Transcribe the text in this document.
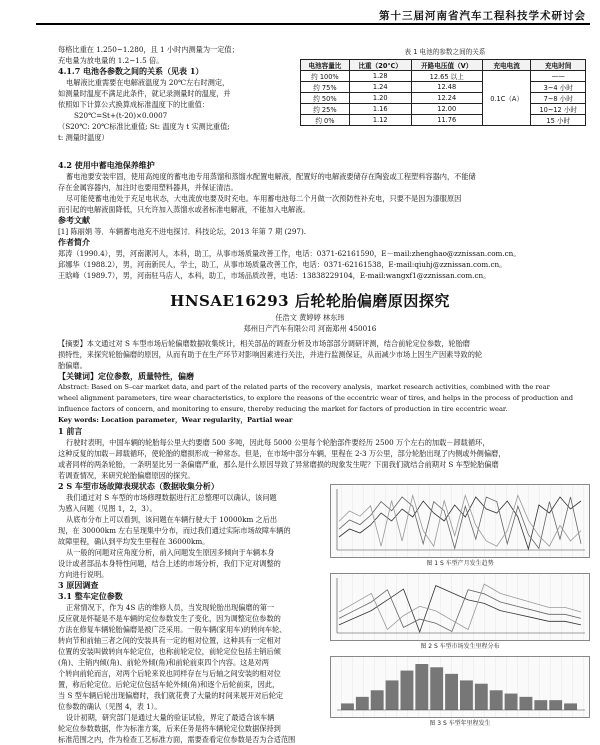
第十三届河南省汽车工程科技学术研讨会
每格比重在 1.250~1.280，且 1 小时内测量为一定值；
充电量为放电量的 1.2~1.5 倍。
4.1.7 电池各参数之间的关系（见表 1）
电解液比重需要在电解液温度为 20℃左右时测定，
如测量时温度不满足此条件，就记录测量时的温度，并
依照如下计算公式换算成标准温度下的比重值：
S20℃=St+(t-20)×0.0007
（S20℃: 20℃标准比重值; St: 温度为 t 实测比重值;
t: 测量时温度）
表 1 电池的参数之间的关系
电池容量比	比重（20℃）	开路电压值（V）	充电电流	充电时间
约 100%	1.28	12.65 以上	0.1C（A）	——
约 75%	1.24	12.48		3~4 小时
约 50%	1.20	12.24		7~8 小时
约 25%	1.16	12.00		10~12 小时
约 0%	1.12	11.76		15 小时
4.2 使用中蓄电池保养维护
蓄电池要安装牢固，使用高纯度的蓄电池专用蒸馏和蒸馏水配置电解液，配置好的电解液要储存在陶瓷或工程塑料容器内，不能储
存在金属容器内，加注时也要用塑料器具，并保证清洁。
尽可能使蓄电池处于充足电状态，大电流放电要及时充电。车用蓄电池每二个月做一次预防性补充电，只要不是因为漆服原因
而引起的电解液面降低，只允许加入蒸馏水或者标准电解液，不能加入电解液。
参考文献
[1] 陈丽娟 等．车辆蓄电池充不进电探讨．科技论坛，2013 年第 7 期 (297).
作者简介
郑涛（1990.4），男，河南漯河人，本科，助工，从事市场质量改善工作，电话：0371-62161590，E－mail:zhenghao@zznissan.com.cn。
邱娜华（1988.2），男，河南新民人，学士，助工，从事市场质量改善工作，电话：0371-62161538，E-mail:qiuhj@zznissan.com.cn。
王晗峰（1989.7），男，河南驻马店人，本科，助工，市场品质改善，电话：13838229104，E-mail:wangxf1@zznissan.com.cn。
HNSAE16293 后轮轮胎偏磨原因探究
任浩文 黄婷婷 林东玮
郑州日产汽车有限公司 河南郑州 450016
【摘要】本文通过对 S 车型市场后轮偏磨数据收集统计，相关部品的调查分析及市场部部分调研评测，结合前轮定位参数，轮胎磨
损特性，来探究轮胎偏磨的原因，从而有助于在生产环节对影响因素进行关注，并进行监测保证，从而减少市场上因生产因素导致的轮
胎偏磨。
【关键词】定位参数，质量特性，偏磨
Abstract: Based on S–car market data, and part of the related parts of the recovery analysis，market research activities, combined with the rear
wheel alignment parameters, tire wear characteristics, to explore the reasons of the eccentric wear of tires, and helps in the process of production and
influence factors of concern, and monitoring to ensure, thereby reducing the market for factors of production in tire eccentric wear.
Key words: Location parameter，Wear regularity，Partial wear
1 前言
行驶时表明，中国车辆的轮胎每公里大约要磨 500 多吨，因此每 5000 公里每个轮胎部件要经历 2500 万个左右的加载－卸载循环，
这种反复的加载－卸载循环，使轮胎的磨损形成一种常态。但是，在市场中部分车辆，里程在 2-3 万公里，部分轮胎出现了内侧或外侧偏磨，
或者同样的两条轮胎，一条明显比另一条偏磨严重，那么是什么原因导致了异常磨损的现象发生呢？下面我们就结合前期对 S 车型轮胎偏磨
若调查情况，来研究轮胎偏磨原因的探究。
2 S 车型市场故障表现状态（数据收集分析）
我们通过对 S 车型的市场修理数据进行汇总整理可以确认，该问题
为感入问题（见图 1，2，3）。
从底布分布上可以看到，该问题在车辆行驶大于 10000km 之后出
现，在 30000km 左右呈现集中分布，而过我们通过实际市场故障车辆的
故障里程，确认到平均发生里程在 36000km。
从一般的问题对应角度分析，前入问题发生原因多倾向于车辆本身
设计或者部品本身特性问题，结合上述的市场分析，我们下定对调整的
方向进行说明。
3 原因调查
3.1 整车定位参数
正常情况下，作为 4S 店的维修人员，当发现轮胎出现偏磨的第一
反应就是怀疑是不是车辆的定位参数发生了变化，因为调整定位参数的
方法在修复车辆轮胎偏磨是被广泛采用。一般车辆(家用车)的转向车轮、
转向节和前轴三者之间的安装具有一定的相对位置，这种具有一定相对
位置的安装叫做转向车轮定位，也称前轮定位，前轮定位包括主销后倾
(角)、主销内倾(角)、前轮外倾(角)和前轮前束四个内容。这是对两
个转向前轮而言，对两个后轮来说也同样存在与后轴之间安装的相对位
置，称后轮定位。后轮定位包括车轮外倾(角)和逐个后轮前束，因此，
当 S 型车辆后轮出现偏磨时，我们就花费了大量的时间来展开对后轮定
位参数的确认（见图 4，表 1）。
设计初期，研究部门是通过大量的验证试验，界定了最适合该车辆
轮定位参数数据，作为标准方案，后来任务是将车辆轮定位数据保持到
标准范围之内，作为检查工艺标准方面，需要查看定位参数是否为合适范围
图 1 S 车型产月发生趋势
图 2 S 车型市场发生里程分布
图 3 S 车型年里程发生
